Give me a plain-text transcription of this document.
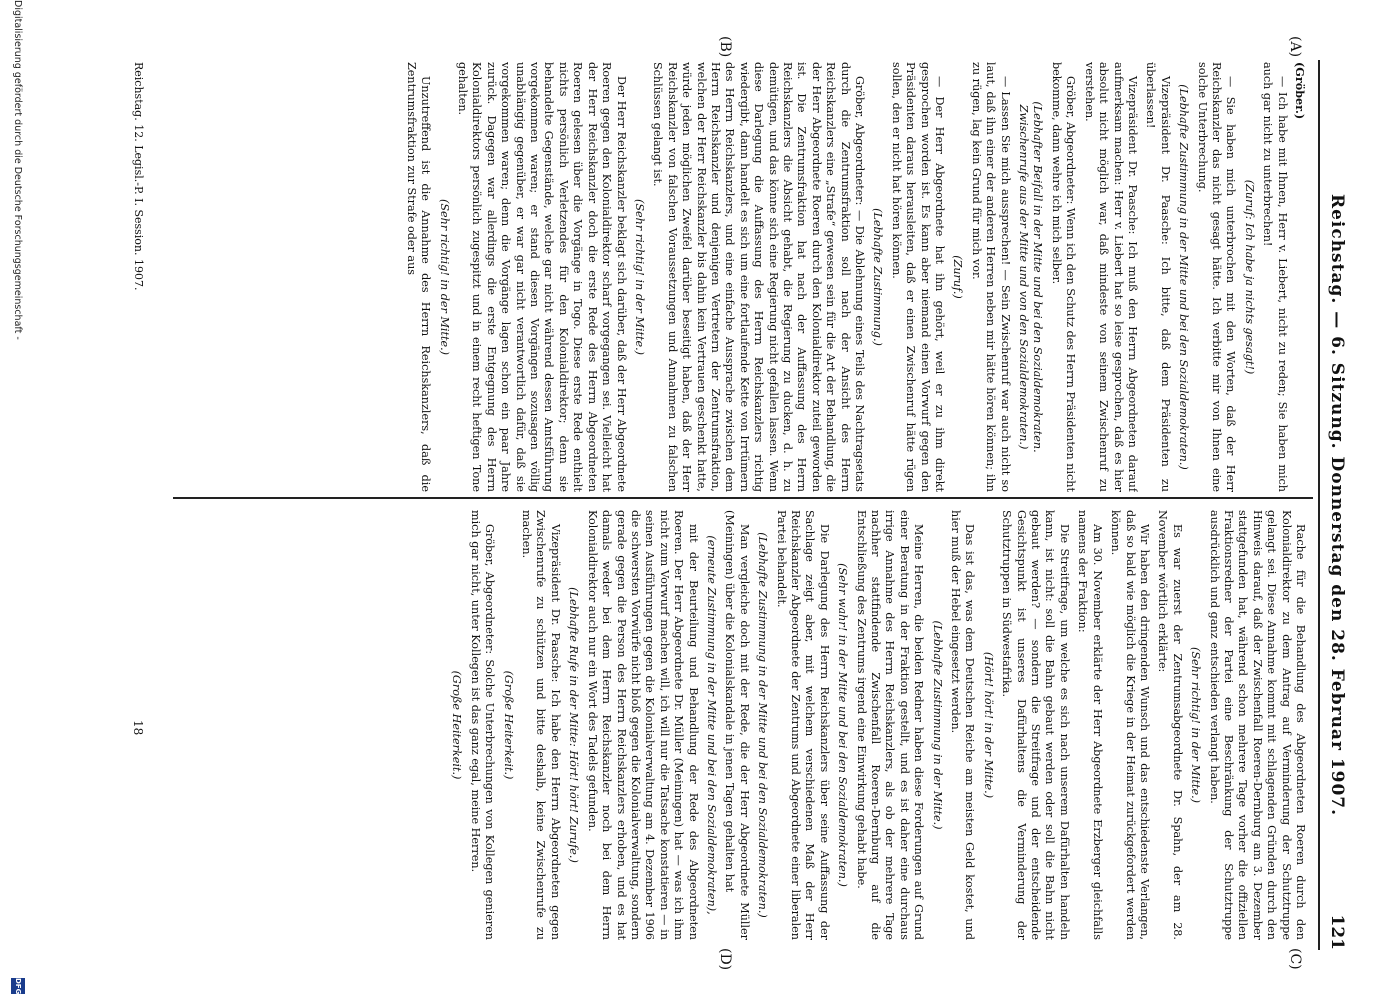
Reichstag. — 6. Sitzung. Donnerstag den 28. Februar 1907.
121
(A)
(B)
(C)
(D)

(Gröber.)

— Ich habe mit Ihnen, Herr v. Liebert, nicht zu reden; Sie haben mich auch gar nicht zu unterbrechen!

(Zuruf: Ich habe ja nichts gesagt!)

— Sie haben mich unterbrochen mit den Worten, daß der Herr Reichskanzler das nicht gesagt hätte. Ich verbitte mir von Ihnen eine solche Unterbrechung.

(Lebhafte Zustimmung in der Mitte und bei den Sozialdemokraten.)

Vizepräsident Dr. Paasche: Ich bitte, daß dem Präsidenten zu überlassen!

Vizepräsident Dr. Paasche: Ich muß den Herrn Abgeordneten darauf aufmerksam machen: Herr v. Liebert hat so leise gesprochen, daß es hier absolut nicht möglich war, daß mindeste von seinem Zwischenruf zu verstehen.

Gröber, Abgeordneter: Wenn ich den Schutz des Herrn Präsidenten nicht bekomme, dann wehre ich mich selber.

(Lebhafter Beifall in der Mitte und bei den Sozialdemokraten. Zwischenrufe aus der Mitte und von den Sozialdemokraten.)

— Lassen Sie mich aussprechen! — Sein Zwischenruf war auch nicht so laut, daß ihn einer der anderen Herren neben mir hätte hören können; ihn zu rügen, lag kein Grund für mich vor.

(Zuruf.)

— Der Herr Abgeordnete hat ihn gehört, weil er zu ihm direkt gesprochen worden ist. Es kann aber niemand einen Vorwurf gegen den Präsidenten daraus herausleiten, daß er einen Zwischenruf hätte rügen sollen, den er nicht hat hören können.

(Lebhafte Zustimmung.)

Gröber, Abgeordneter: — Die Ablehnung eines Teils des Nachtragsetats durch die Zentrumsfraktion soll nach der Ansicht des Herrn Reichskanzlers eine „Strafe“ gewesen sein für die Art der Behandlung, die der Herr Abgeordnete Roeren durch den Kolonialdirektor zuteil geworden ist. Die Zentrumsfraktion hat nach der Auffassung des Herrn Reichskanzlers die Absicht gehabt, die Regierung zu ducken, d. h. zu demütigen, und das könne sich eine Regierung nicht gefallen lassen. Wenn diese Darlegung die Auffassung des Herrn Reichskanzlers richtig wiedergibt, dann handelt es sich um eine fortlaufende Kette von Irrtümern des Herrn Reichskanzlers, und eine einfache Aussprache zwischen dem Herrn Reichskanzler und denjenigen Vertretern der Zentrumsfraktion, welchen der Herr Reichskanzler bis dahin kein Vertrauen geschenkt hatte, würde jeden möglichen Zweifel darüber beseitigt haben, daß der Herr Reichskanzler von falschen Voraussetzungen und Annahmen zu falschen Schlüssen gelangt ist.

(Sehr richtig! in der Mitte.)

Der Herr Reichskanzler beklagt sich darüber, daß der Herr Abgeordnete Roeren gegen den Kolonialdirektor scharf vorgegangen sei. Vielleicht hat der Herr Reichskanzler doch die erste Rede des Herrn Abgeordneten Roeren gelesen über die Vorgänge in Togo. Diese erste Rede enthielt nichts persönlich Verletzendes für den Kolonialdirektor; denn sie behandelte Gegenstände, welche gar nicht während dessen Amtsführung vorgekommen waren; er stand diesen Vorgängen sozusagen völlig unabhängig gegenüber, er war gar nicht verantwortlich dafür, daß sie vorgekommen waren; denn die Vorgänge lagen schon ein paar Jahre zurück. Dagegen war allerdings die erste Entgegnung des Herrn Kolonialdirektors persönlich zugespitzt und in einem recht heftigen Tone gehalten.

(Sehr richtig! in der Mitte.)

Unzutreffend ist die Annahme des Herrn Reichskanzlers, daß die Zentrumsfraktion zur Strafe oder aus

Rache für die Behandlung des Abgeordneten Roeren durch den Kolonialdirektor zu dem Antrag auf Verminderung der Schutztruppe gelangt sei. Diese Annahme kommt mit schlagenden Gründen durch den Hinweis darauf, daß der Zwischenfall Roeren-Dernburg am 3. Dezember stattgefunden hat, während schon mehrere Tage vorher die offiziellen Fraktionsredner der Partei eine Beschränkung der Schutztruppe ausdrücklich und ganz entschieden verlangt haben.

(Sehr richtig! in der Mitte.)

Es war zuerst der Zentrumsabgeordnete Dr. Spahn, der am 28. November wörtlich erklärte:

Wir haben den dringenden Wunsch und das entschiedenste Verlangen, daß so bald wie möglich die Kriege in der Heimat zurückgefordert werden können.

Am 30. November erklärte der Herr Abgeordnete Erzberger gleichfalls namens der Fraktion:

Die Streitfrage, um welche es sich nach unserem Dafürhalten handeln kann, ist nicht: soll die Bahn gebaut werden oder soll die Bahn nicht gebaut werden? — sondern die Streitfrage und der entscheidende Gesichtspunkt ist unseres Dafürhaltens die Verminderung der Schutztruppen in Südwestafrika.

(Hört! hört! in der Mitte.)

Das ist das, was dem Deutschen Reiche am meisten Geld kostet, und hier muß der Hebel eingesetzt werden.

(Lebhafte Zustimmung in der Mitte.)

Meine Herren, die beiden Redner haben diese Forderungen auf Grund einer Beratung in der Fraktion gestellt, und es ist daher eine durchaus irrige Annahme des Herrn Reichskanzlers, als ob der mehrere Tage nachher stattfindende Zwischenfall Roeren-Dernburg auf die Entschließung des Zentrums irgend eine Einwirkung gehabt habe.

(Sehr wahr! in der Mitte und bei den Sozialdemokraten.)

Die Darlegung des Herrn Reichskanzlers über seine Auffassung der Sachlage zeigt aber, mit welchem verschiedenen Maß der Herr Reichskanzler Abgeordnete der Zentrums und Abgeordnete einer liberalen Partei behandelt.

(Lebhafte Zustimmung in der Mitte und bei den Sozialdemokraten.)

Man vergleiche doch mit der Rede, die der Herr Abgeordnete Müller (Meiningen) über die Kolonialskandale in jenen Tagen gehalten hat

(erneute Zustimmung in der Mitte und bei den Sozialdemokraten),

mit der Beurteilung und Behandlung der Rede des Abgeordneten Roeren. Der Herr Abgeordnete Dr. Müller (Meiningen) hat — was ich ihm nicht zum Vorwurf machen will, ich will nur die Tatsache konstatieren — in seinen Ausführungen gegen die Kolonialverwaltung am 4. Dezember 1906 die schwersten Vorwürfe nicht bloß gegen die Kolonialverwaltung, sondern gerade gegen die Person des Herrn Reichskanzlers erhoben, und es hat damals weder bei dem Herrn Reichskanzler noch bei dem Herrn Kolonialdirektor auch nur ein Wort des Tadels gefunden.

(Lebhafte Rufe in der Mitte: Hört! hört! Zurufe.)

Vizepräsident Dr. Paasche: Ich habe den Herrn Abgeordneten gegen Zwischenrufe zu schützen und bitte deshalb, keine Zwischenrufe zu machen.

(Große Heiterkeit.)

Gröber, Abgeordneter: Solche Unterbrechungen von Kollegen genieren mich gar nicht, unter Kollegen ist das ganz egal, meine Herren.

(Große Heiterkeit.)

Reichstag. 12. Legisl.-P. I. Session. 1907.
18
Digitalisierung gefördert durch die Deutsche Forschungsgemeinschaft -
DFG
